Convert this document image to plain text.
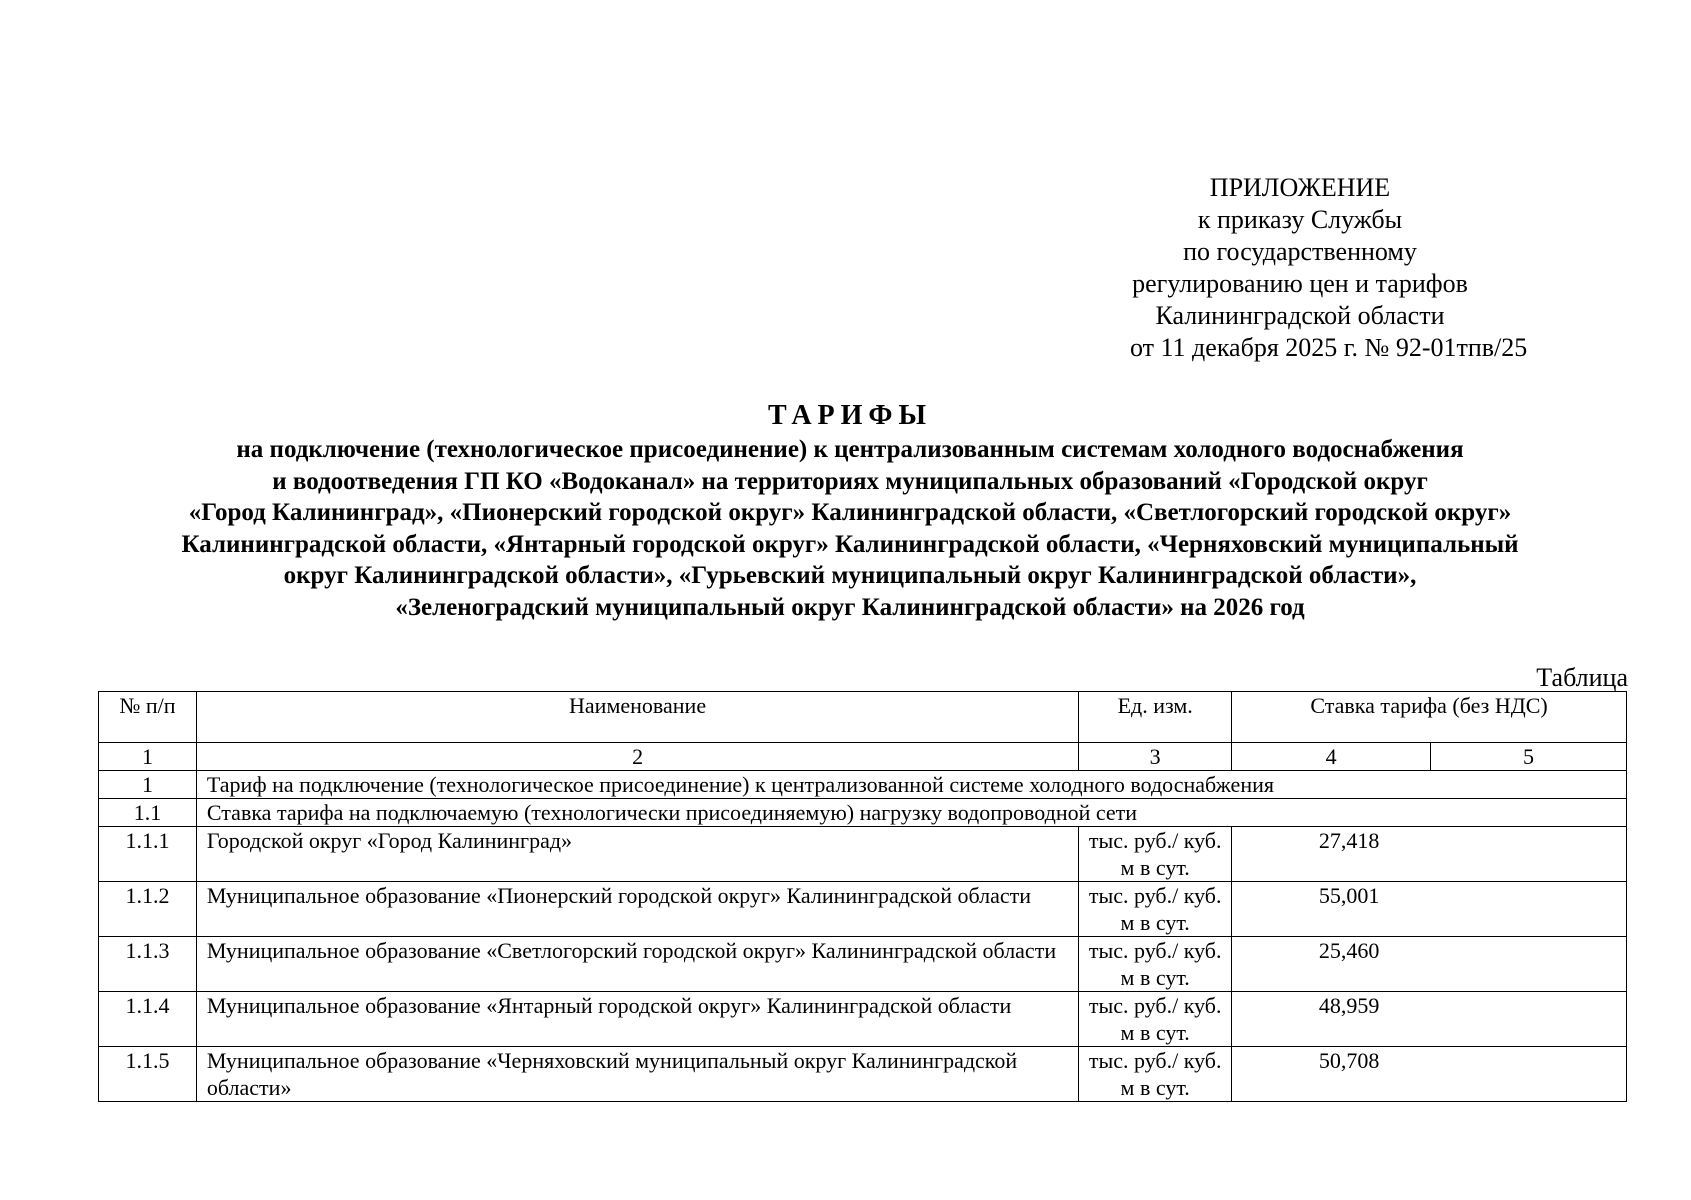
ПРИЛОЖЕНИЕ
к приказу Службы
по государственному
регулированию цен и тарифов
Калининградской области
от 11 декабря 2025 г. № 92-01тпв/25
ТАРИФЫ
на подключение (технологическое присоединение) к централизованным системам холодного водоснабжения
и водоотведения ГП КО «Водоканал» на территориях муниципальных образований «Городской округ
«Город Калининград», «Пионерский городской округ» Калининградской области, «Светлогорский городской округ»
Калининградской области, «Янтарный городской округ» Калининградской области, «Черняховский муниципальный
округ Калининградской области», «Гурьевский муниципальный округ Калининградской области»,
«Зеленоградский муниципальный округ Калининградской области» на 2026 год
Таблица
№ п/п	Наименование	Ед. изм.	Ставка тарифа (без НДС)	
1	2	3	4	5
1	Тариф на подключение (технологическое присоединение) к централизованной системе холодного водоснабжения			
1.1	Ставка тарифа на подключаемую (технологически присоединяемую) нагрузку водопроводной сети			
1.1.1	Городской округ «Город Калининград»	тыс. руб./ куб. м в сут.	27,418	
1.1.2	Муниципальное образование «Пионерский городской округ» Калининградской области	тыс. руб./ куб. м в сут.	55,001	
1.1.3	Муниципальное образование «Светлогорский городской округ» Калининградской области	тыс. руб./ куб. м в сут.	25,460	
1.1.4	Муниципальное образование «Янтарный городской округ» Калининградской области	тыс. руб./ куб. м в сут.	48,959	
1.1.5	Муниципальное образование «Черняховский муниципальный округ Калининградской области»	тыс. руб./ куб. м в сут.	50,708	
